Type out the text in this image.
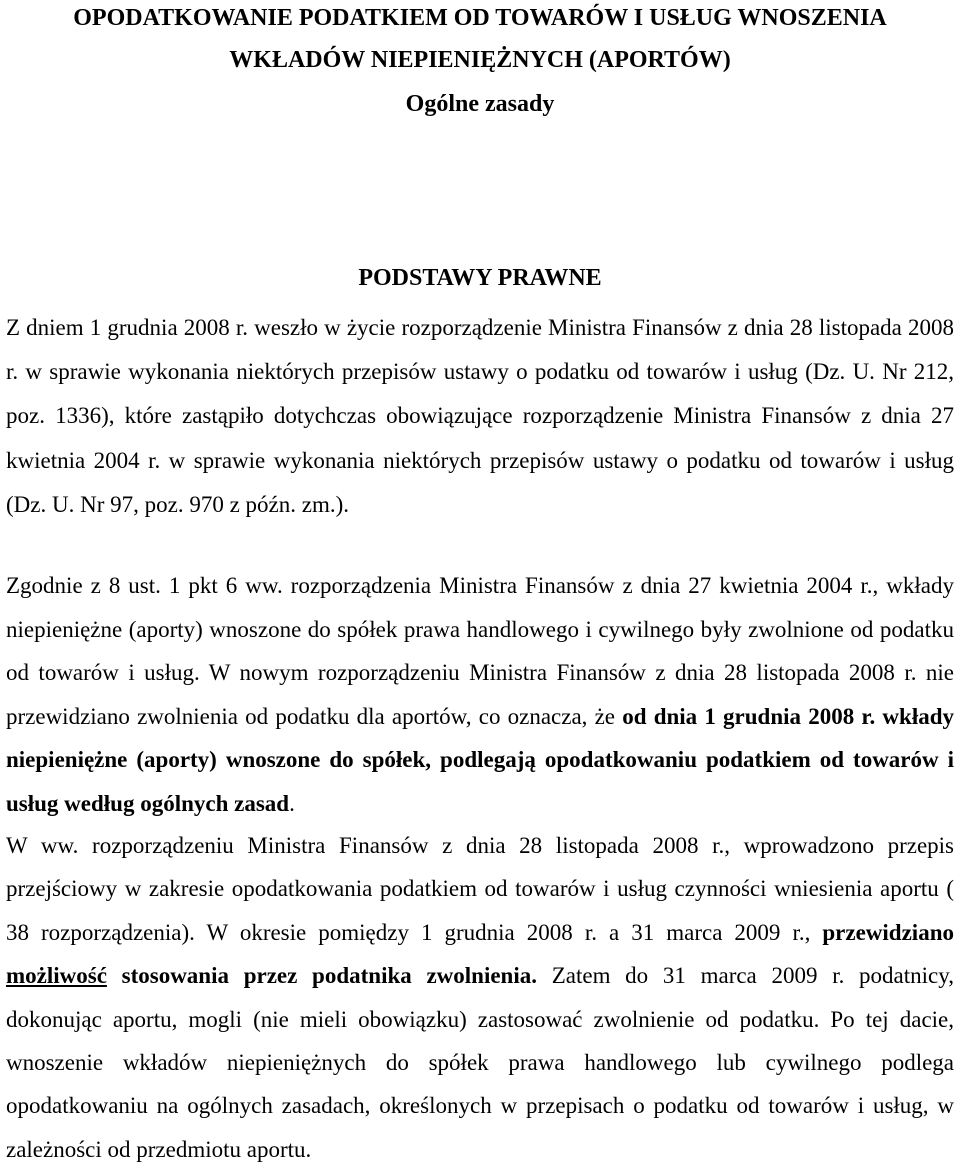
OPODATKOWANIE PODATKIEM OD TOWARÓW I USŁUG WNOSZENIA
WKŁADÓW NIEPIENIĘŻNYCH (APORTÓW)
Ogólne zasady
PODSTAWY PRAWNE

Z dniem 1 grudnia 2008 r. weszło w życie rozporządzenie Ministra Finansów z dnia 28 listopada 2008 r. w sprawie wykonania niektórych przepisów ustawy o podatku od towarów i usług (Dz. U. Nr 212, poz. 1336), które zastąpiło dotychczas obowiązujące rozporządzenie Ministra Finansów z dnia 27 kwietnia 2004 r. w sprawie wykonania niektórych przepisów ustawy o podatku od towarów i usług (Dz. U. Nr 97, poz. 970 z późn. zm.).

Zgodnie z 8 ust. 1 pkt 6 ww. rozporządzenia Ministra Finansów z dnia 27 kwietnia 2004 r., wkłady niepieniężne (aporty) wnoszone do spółek prawa handlowego i cywilnego były zwolnione od podatku od towarów i usług. W nowym rozporządzeniu Ministra Finansów z dnia 28 listopada 2008 r. nie przewidziano zwolnienia od podatku dla aportów, co oznacza, że od dnia 1 grudnia 2008 r. wkłady niepieniężne (aporty) wnoszone do spółek, podlegają opodatkowaniu podatkiem od towarów i usług według ogólnych zasad.

W ww. rozporządzeniu Ministra Finansów z dnia 28 listopada 2008 r., wprowadzono przepis przejściowy w zakresie opodatkowania podatkiem od towarów i usług czynności wniesienia aportu ( 38 rozporządzenia). W okresie pomiędzy 1 grudnia 2008 r. a 31 marca 2009 r., przewidziano możliwość stosowania przez podatnika zwolnienia. Zatem do 31 marca 2009 r. podatnicy, dokonując aportu, mogli (nie mieli obowiązku) zastosować zwolnienie od podatku. Po tej dacie, wnoszenie wkładów niepieniężnych do spółek prawa handlowego lub cywilnego podlega opodatkowaniu na ogólnych zasadach, określonych w przepisach o podatku od towarów i usług, w zależności od przedmiotu aportu.
